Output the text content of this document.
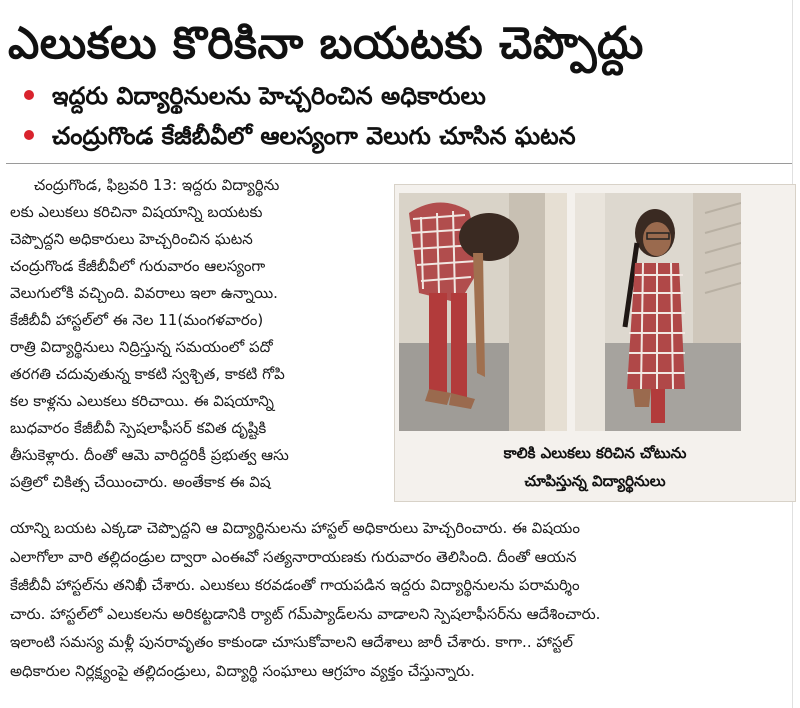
ఎలుకలు కొరికినా బయటకు చెప్పొద్దు
ఇద్దరు విద్యార్థినులను హెచ్చరించిన అధికారులు
చంద్రుగొండ కేజీబీవీలో ఆలస్యంగా వెలుగు చూసిన ఘటన

చంద్రుగొండ, ఫిబ్రవరి 13: ఇద్దరు విద్యార్థిను

లకు ఎలుకలు కరిచినా విషయాన్ని బయటకు

చెప్పొద్దని అధికారులు హెచ్చరించిన ఘటన

చంద్రుగొండ కేజీబీవీలో గురువారం ఆలస్యంగా

వెలుగులోకి వచ్చింది. వివరాలు ఇలా ఉన్నాయి.

కేజీబీవీ హాస్టల్‌లో ఈ నెల 11(మంగళవారం)

రాత్రి విద్యార్థినులు నిద్రిస్తున్న సమయంలో పదో

తరగతి చదువుతున్న కాకటి స్వశ్చిత, కాకటి గోపి

కల కాళ్లను ఎలుకలు కరిచాయి. ఈ విషయాన్ని

బుధవారం కేజీబీవీ స్పెషలాఫీసర్ కవిత దృష్టికి

తీసుకెళ్లారు. దీంతో ఆమె వారిద్దరికీ ప్రభుత్వ ఆసు

పత్రిలో చికిత్స చేయించారు. అంతేకాక ఈ విష

కాలికి ఎలుకలు కరిచిన చోటును
చూపిస్తున్న విద్యార్థినులు

యాన్ని బయట ఎక్కడా చెప్పొద్దని ఆ విద్యార్థినులను హాస్టల్ అధికారులు హెచ్చరించారు. ఈ విషయం

ఎలాగోలా వారి తల్లిదండ్రుల ద్వారా ఎంఈవో సత్యనారాయణకు గురువారం తెలిసింది. దీంతో ఆయన

కేజీబీవీ హాస్టల్‌ను తనిఖీ చేశారు. ఎలుకలు కరవడంతో గాయపడిన ఇద్దరు విద్యార్థినులను పరామర్శిం

చారు. హాస్టల్‌లో ఎలుకలను అరికట్టడానికి ర్యాట్ గమ్‌ప్యాడ్‌లను వాడాలని స్పెషలాఫీసర్‌ను ఆదేశించారు.

ఇలాంటి సమస్య మళ్లీ పునరావృతం కాకుండా చూసుకోవాలని ఆదేశాలు జారీ చేశారు. కాగా.. హాస్టల్

అధికారుల నిర్లక్ష్యంపై తల్లిదండ్రులు, విద్యార్థి సంఘాలు ఆగ్రహం వ్యక్తం చేస్తున్నారు.
